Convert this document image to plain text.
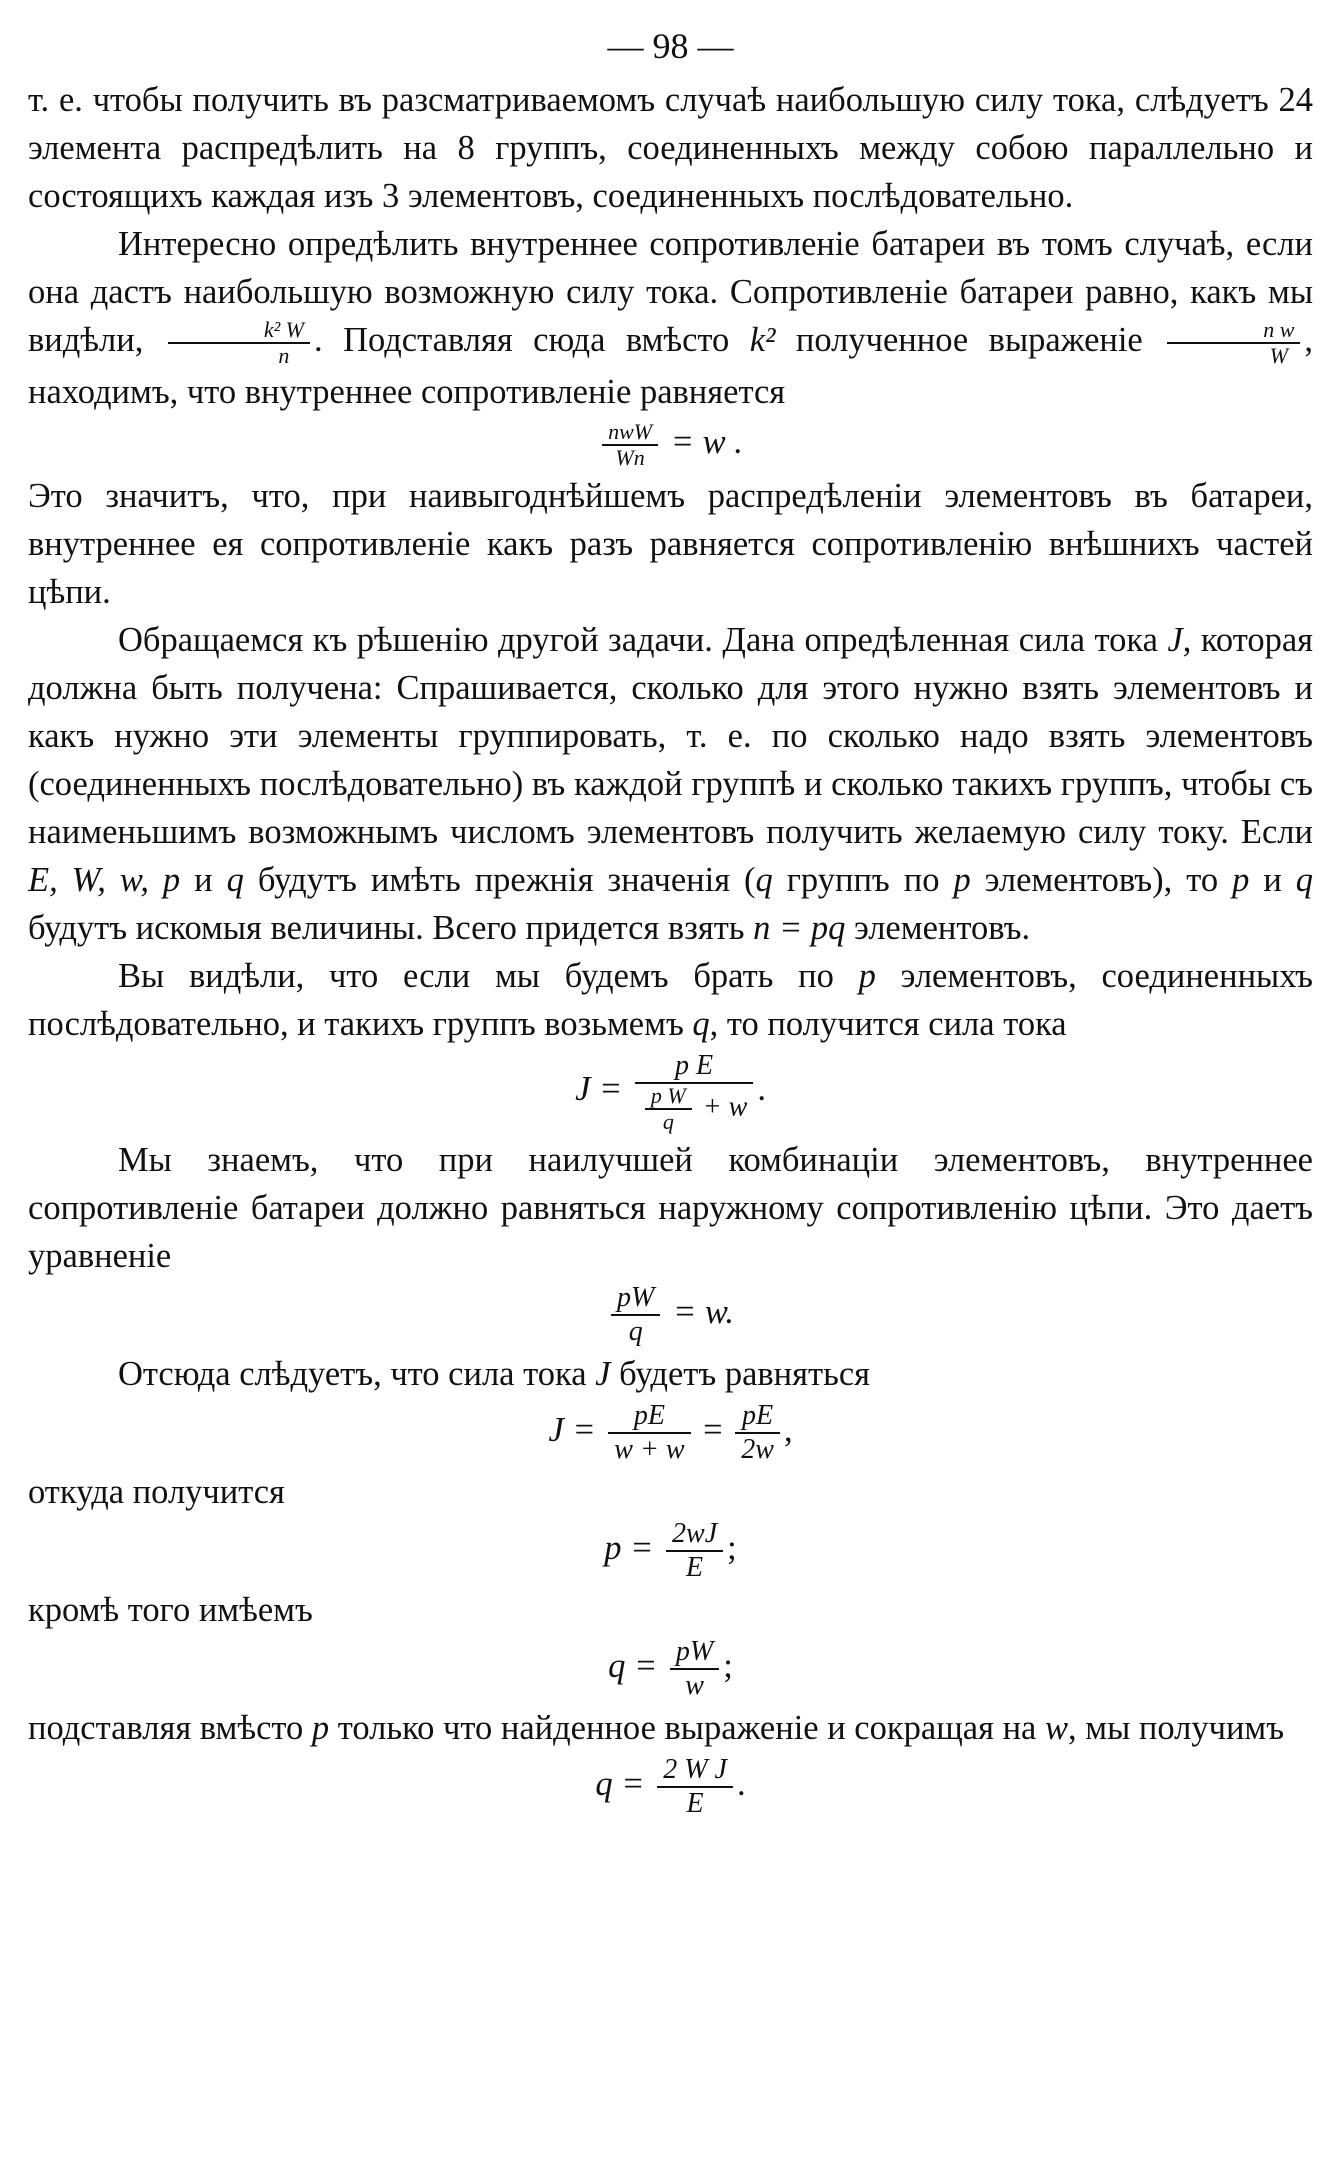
— 98 —

т. е. чтобы получить въ разсматриваемомъ случаѣ наибольшую силу тока, слѣдуетъ 24 элемента распредѣлить на 8 группъ, соединенныхъ между собою параллельно и состоящихъ каждая изъ 3 элементовъ, соединенныхъ послѣдовательно.

Интересно опредѣлить внутреннее сопротивленіе батареи въ томъ случаѣ, если она дастъ наибольшую возможную силу тока. Сопротивленіе батареи равно, какъ мы видѣли, $\frac{\text{k² W}}{n}$ . Подставляя сюда вмѣсто k² полученное выраженіе $\frac{\text{n w}}{W}$ , находимъ, что внутреннее сопротивленіе равняется

$\frac{\text{nwW}}{Wn} = w$ .

Это значитъ, что, при наивыгоднѣйшемъ распредѣленіи элементовъ въ батареи, внутреннее ея сопротивленіе какъ разъ равняется сопротивленію внѣшнихъ частей цѣпи.

Обращаемся къ рѣшенію другой задачи. Дана опредѣленная сила тока J, которая должна быть получена: Спрашивается, сколько для этого нужно взять элементовъ и какъ нужно эти элементы группировать, т. е. по сколько надо взять элементовъ (соединенныхъ послѣдовательно) въ каждой группѣ и сколько такихъ группъ, чтобы съ наименьшимъ возможнымъ числомъ элементовъ получить желаемую силу току. Если E, W, w, p и q будутъ имѣть прежнія значенія (q группъ по p элементовъ), то p и q будутъ искомыя величины. Всего придется взять n = pq элементовъ.

Вы видѣли, что если мы будемъ брать по p элементовъ, соединенныхъ послѣдовательно, и такихъ группъ возьмемъ q, то получится сила тока

$J = \frac{\text{p E}}{\frac{\text{p W}}{q} + w}$ .

Мы знаемъ, что при наилучшей комбинаціи элементовъ, внутреннее сопротивленіе батареи должно равняться наружному сопротивленію цѣпи. Это даетъ уравненіе

$\frac{pW}{q} = w$.

Отсюда слѣдуетъ, что сила тока J будетъ равняться

$J = \frac{pE}{w + w} = \frac{pE}{2w}$ ,

откуда получится

$p = \frac{2wJ}{E}$ ;

кромѣ того имѣемъ

$q = \frac{pW}{w}$ ;

подставляя вмѣсто p только что найденное выраженіе и сокращая на w, мы получимъ

$q = \frac{\text{2 W J}}{E}$ .
